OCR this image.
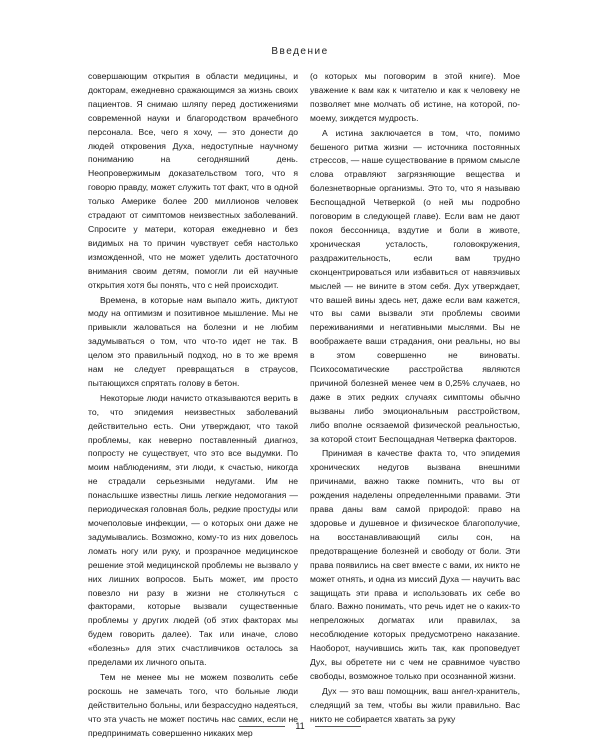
Введение

совершающим открытия в области медицины, и докторам, ежедневно сражающимся за жизнь своих пациентов. Я снимаю шляпу перед достижениями современной науки и благородством врачебного персонала. Все, чего я хочу, — это донести до людей откровения Духа, недоступные научному пониманию на сегодняшний день. Неопровержимым доказательством того, что я говорю правду, может служить тот факт, что в одной только Америке более 200 миллионов человек страдают от симптомов неизвестных заболеваний. Спросите у матери, которая ежедневно и без видимых на то причин чувствует себя настолько изможденной, что не может уделить достаточного внимания своим детям, помогли ли ей научные открытия хотя бы понять, что с ней происходит.

Времена, в которые нам выпало жить, диктуют моду на оптимизм и позитивное мышление. Мы не привыкли жаловаться на болезни и не любим задумываться о том, что что-то идет не так. В целом это правильный подход, но в то же время нам не следует превращаться в страусов, пытающихся спрятать голову в бетон.

Некоторые люди начисто отказываются верить в то, что эпидемия неизвестных заболеваний действительно есть. Они утверждают, что такой проблемы, как неверно поставленный диагноз, попросту не существует, что это все выдумки. По моим наблюдениям, эти люди, к счастью, никогда не страдали серьезными недугами. Им не понаслышке известны лишь легкие недомогания — периодическая головная боль, редкие простуды или мочеполовые инфекции, — о которых они даже не задумывались. Возможно, кому-то из них довелось ломать ногу или руку, и прозрачное медицинское решение этой медицинской проблемы не вызвало у них лишних вопросов. Быть может, им просто повезло ни разу в жизни не столкнуться с факторами, которые вызвали существенные проблемы у других людей (об этих факторах мы будем говорить далее). Так или иначе, слово «болезнь» для этих счастливчиков осталось за пределами их личного опыта.

Тем не менее мы не можем позволить себе роскошь не замечать того, что больные люди действительно больны, или безрассудно надеяться, что эта участь не может постичь нас самих, если не предпринимать совершенно никаких мер

(о которых мы поговорим в этой книге). Мое уважение к вам как к читателю и как к человеку не позволяет мне молчать об истине, на которой, по-моему, зиждется мудрость.

А истина заключается в том, что, помимо бешеного ритма жизни — источника постоянных стрессов, — наше существование в прямом смысле слова отравляют загрязняющие вещества и болезнетворные организмы. Это то, что я называю Беспощадной Четверкой (о ней мы подробно поговорим в следующей главе). Если вам не дают покоя бессонница, вздутие и боли в животе, хроническая усталость, головокружения, раздражительность, если вам трудно сконцентрироваться или избавиться от навязчивых мыслей — не вините в этом себя. Дух утверждает, что вашей вины здесь нет, даже если вам кажется, что вы сами вызвали эти проблемы своими переживаниями и негативными мыслями. Вы не воображаете ваши страдания, они реальны, но вы в этом совершенно не виноваты. Психосоматические расстройства являются причиной болезней менее чем в 0,25% случаев, но даже в этих редких случаях симптомы обычно вызваны либо эмоциональным расстройством, либо вполне осязаемой физической реальностью, за которой стоит Беспощадная Четверка факторов.

Принимая в качестве факта то, что эпидемия хронических недугов вызвана внешними причинами, важно также помнить, что вы от рождения наделены определенными правами. Эти права даны вам самой природой: право на здоровье и душевное и физическое благополучие, на восстанавливающий силы сон, на предотвращение болезней и свободу от боли. Эти права появились на свет вместе с вами, их никто не может отнять, и одна из миссий Духа — научить вас защищать эти права и использовать их себе во благо. Важно понимать, что речь идет не о каких-то непреложных догматах или правилах, за несоблюдение которых предусмотрено наказание. Наоборот, научившись жить так, как проповедует Дух, вы обретете ни с чем не сравнимое чувство свободы, возможное только при осознанной жизни.

Дух — это ваш помощник, ваш ангел-хранитель, следящий за тем, чтобы вы жили правильно. Вас никто не собирается хватать за руку

11
